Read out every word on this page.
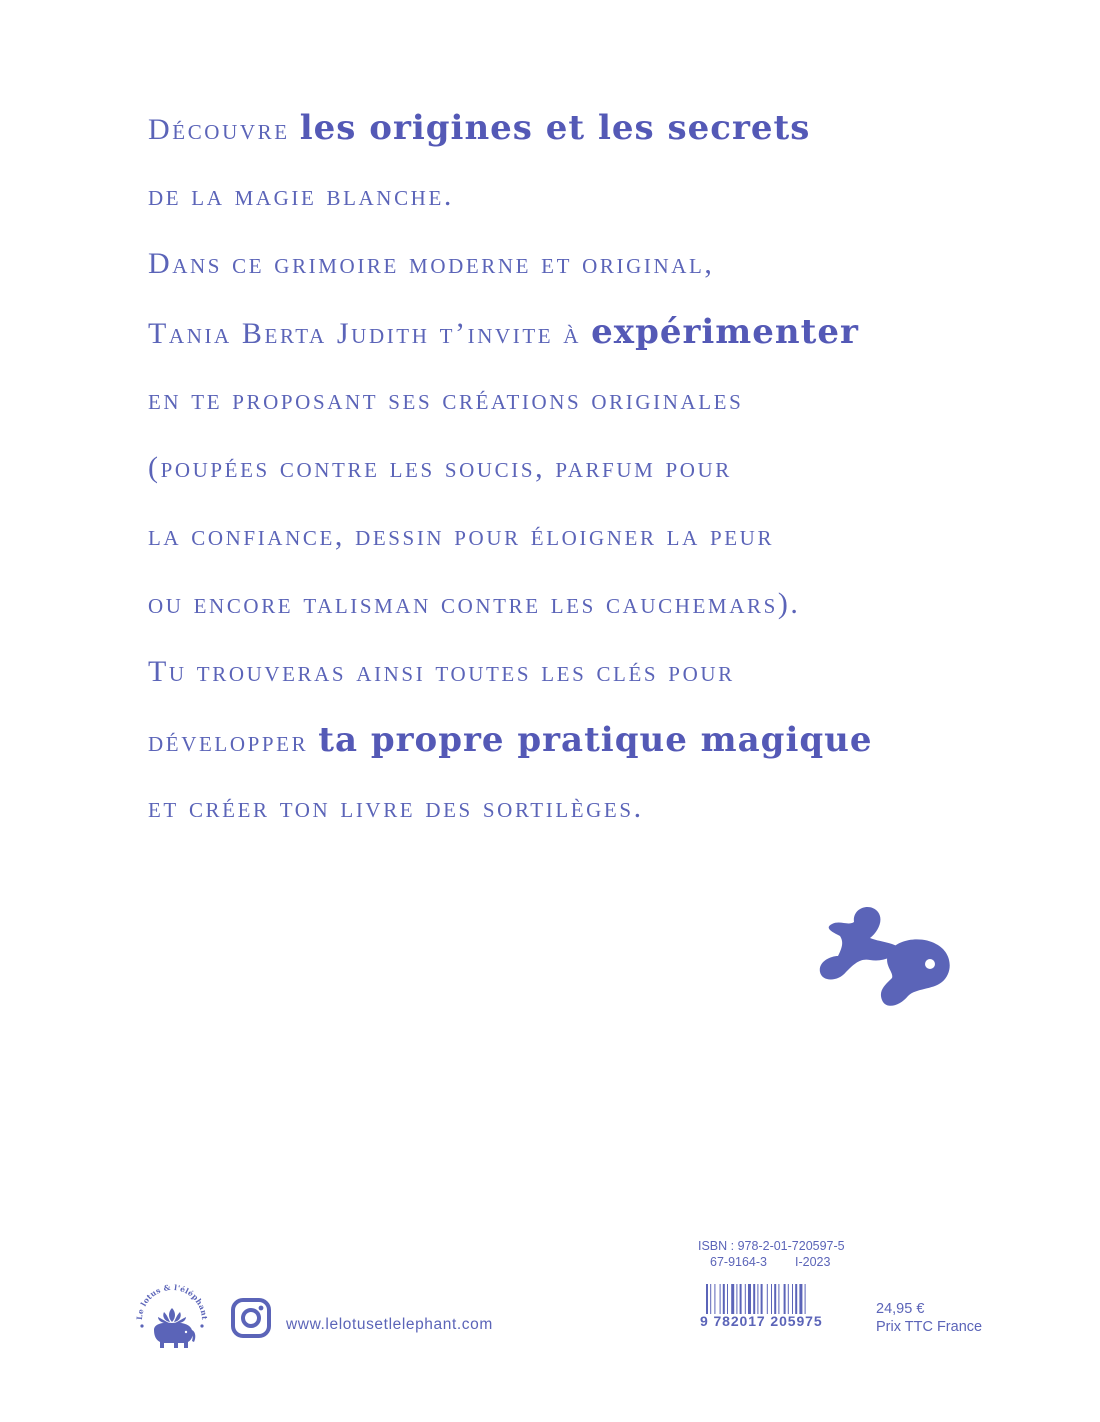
Découvre les origines et les secrets
de la magie blanche.
Dans ce grimoire moderne et original,
Tania Berta Judith t’invite à expérimenter
en te proposant ses créations originales
(poupées contre les soucis, parfum pour
la confiance, dessin pour éloigner la peur
ou encore talisman contre les cauchemars).
Tu trouveras ainsi toutes les clés pour
développer ta propre pratique magique
et créer ton livre des sortilèges.
Le lotus & l'éléphant	www.lelotusetlelephant.com
ISBN : 978-2-01-720597-5
67-9164-3 I-2023
9 782017 205975
24,95 €
Prix TTC France
